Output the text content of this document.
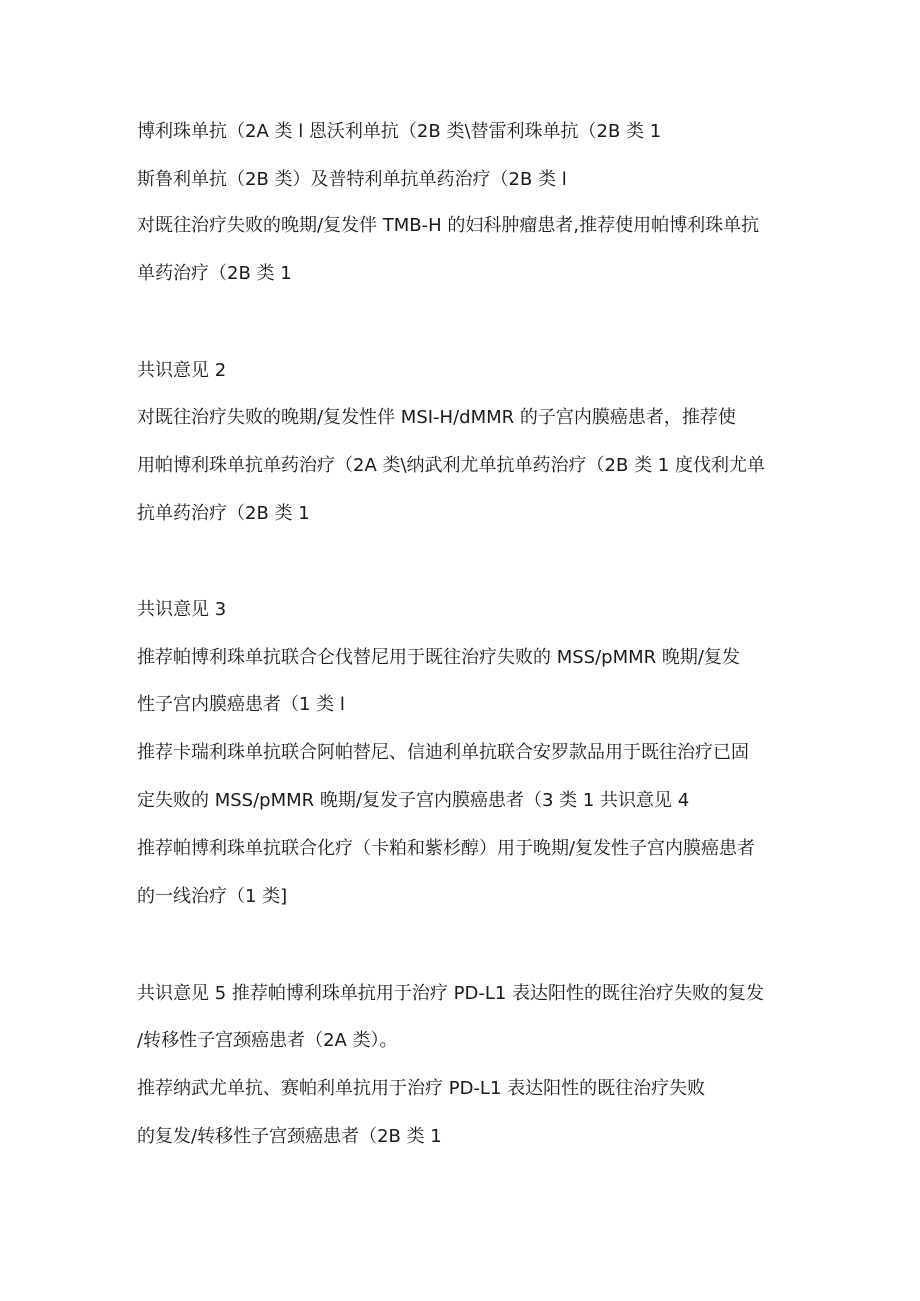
博利珠单抗（2A 类 l 恩沃利单抗（2B 类\替雷利珠单抗（2B 类 1
斯鲁利单抗（2B 类）及普特利单抗单药治疗（2B 类 l
对既往治疗失败的晚期/复发伴 TMB-H 的妇科肿瘤患者,推荐使用帕博利珠单抗
单药治疗（2B 类 1
共识意见 2
对既往治疗失败的晚期/复发性伴 MSI-H/dMMR 的子宫内膜癌患者，推荐使
用帕博利珠单抗单药治疗（2A 类\纳武利尤单抗单药治疗（2B 类 1 度伐利尤单
抗单药治疗（2B 类 1
共识意见 3
推荐帕博利珠单抗联合仑伐替尼用于既往治疗失败的 MSS/pMMR 晚期/复发
性子宫内膜癌患者（1 类 l
推荐卡瑞利珠单抗联合阿帕替尼、信迪利单抗联合安罗款品用于既往治疗已固
定失败的 MSS/pMMR 晚期/复发子宫内膜癌患者（3 类 1 共识意见 4
推荐帕博利珠单抗联合化疗（卡粕和紫杉醇）用于晚期/复发性子宫内膜癌患者
的一线治疗（1 类]
共识意见 5 推荐帕博利珠单抗用于治疗 PD-L1 表达阳性的既往治疗失败的复发
/转移性子宫颈癌患者（2A 类）。
推荐纳武尤单抗、赛帕利单抗用于治疗 PD-L1 表达阳性的既往治疗失败
的复发/转移性子宫颈癌患者（2B 类 1
